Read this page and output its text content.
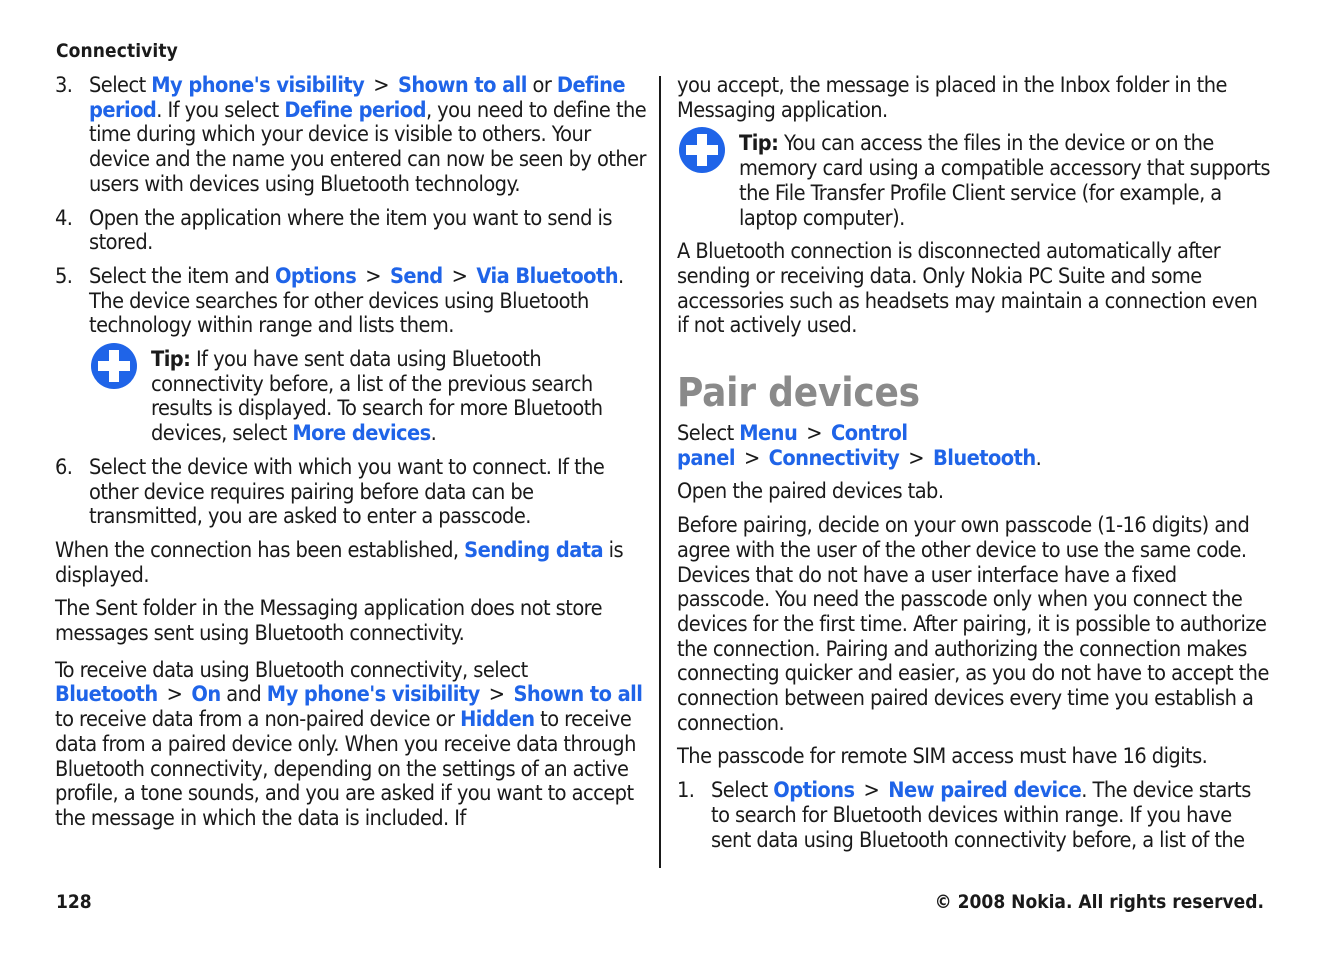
Connectivity
3. Select My phone's visibility > Shown to all or Define period. If you select Define period, you need to define the time during which your device is visible to others. Your device and the name you entered can now be seen by other users with devices using Bluetooth technology.
4. Open the application where the item you want to send is stored.
5. Select the item and Options > Send > Via Bluetooth. The device searches for other devices using Bluetooth technology within range and lists them.
Tip: If you have sent data using Bluetooth connectivity before, a list of the previous search results is displayed. To search for more Bluetooth devices, select More devices.
6. Select the device with which you want to connect. If the other device requires pairing before data can be transmitted, you are asked to enter a passcode.

When the connection has been established, Sending data is displayed.

The Sent folder in the Messaging application does not store messages sent using Bluetooth connectivity.

To receive data using Bluetooth connectivity, select Bluetooth > On and My phone's visibility > Shown to all to receive data from a non-paired device or Hidden to receive data from a paired device only. When you receive data through Bluetooth connectivity, depending on the settings of an active profile, a tone sounds, and you are asked if you want to accept the message in which the data is included. If

you accept, the message is placed in the Inbox folder in the Messaging application.

Tip: You can access the files in the device or on the memory card using a compatible accessory that supports the File Transfer Profile Client service (for example, a laptop computer).

A Bluetooth connection is disconnected automatically after sending or receiving data. Only Nokia PC Suite and some accessories such as headsets may maintain a connection even if not actively used.

Pair devices

Select Menu > Control panel > Connectivity > Bluetooth.

Open the paired devices tab.

Before pairing, decide on your own passcode (1-16 digits) and agree with the user of the other device to use the same code. Devices that do not have a user interface have a fixed passcode. You need the passcode only when you connect the devices for the first time. After pairing, it is possible to authorize the connection. Pairing and authorizing the connection makes connecting quicker and easier, as you do not have to accept the connection between paired devices every time you establish a connection.

The passcode for remote SIM access must have 16 digits.

1. Select Options > New paired device. The device starts to search for Bluetooth devices within range. If you have sent data using Bluetooth connectivity before, a list of the
128	© 2008 Nokia. All rights reserved.
